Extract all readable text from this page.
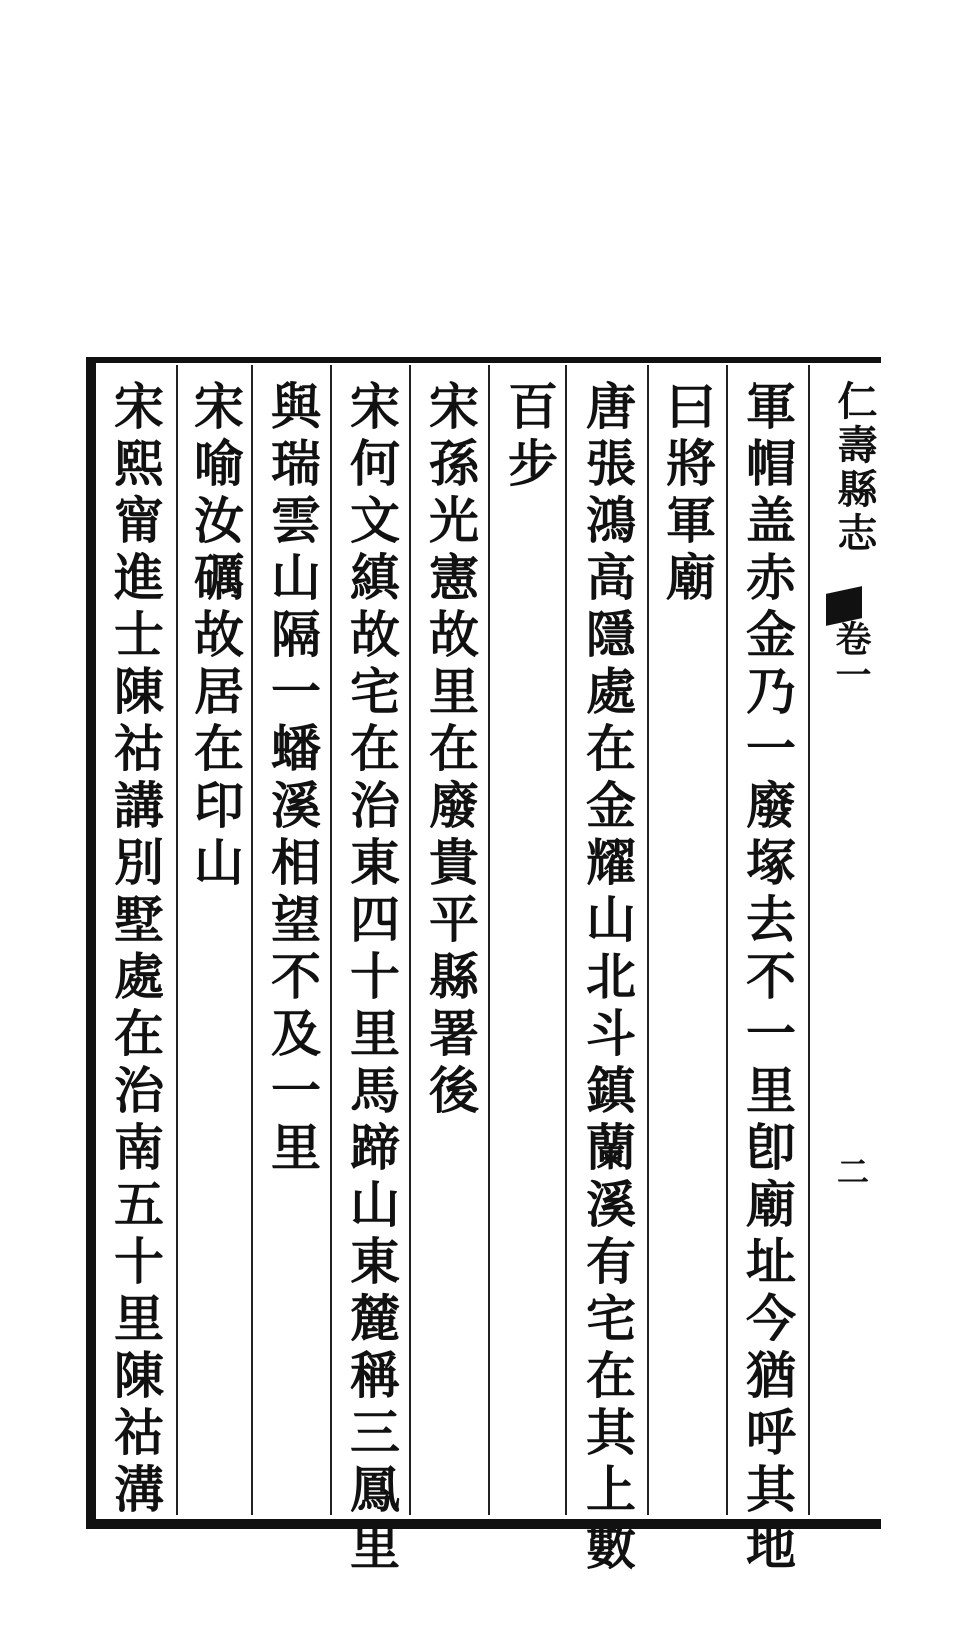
仁壽縣志
卷一
二
軍帽盖赤金乃一廢塚去不一里卽廟址今猶呼其地
曰將軍廟
唐張鴻高隱處在金耀山北斗鎮蘭溪有宅在其上數
百步
宋孫光憲故里在廢貴平縣署後
宋何文縝故宅在治東四十里馬蹄山東麓稱三鳳里
與瑞雲山隔一蟠溪相望不及一里
宋喻汝礪故居在印山
宋熙甯進士陳祜講別墅處在治南五十里陳祜溝
